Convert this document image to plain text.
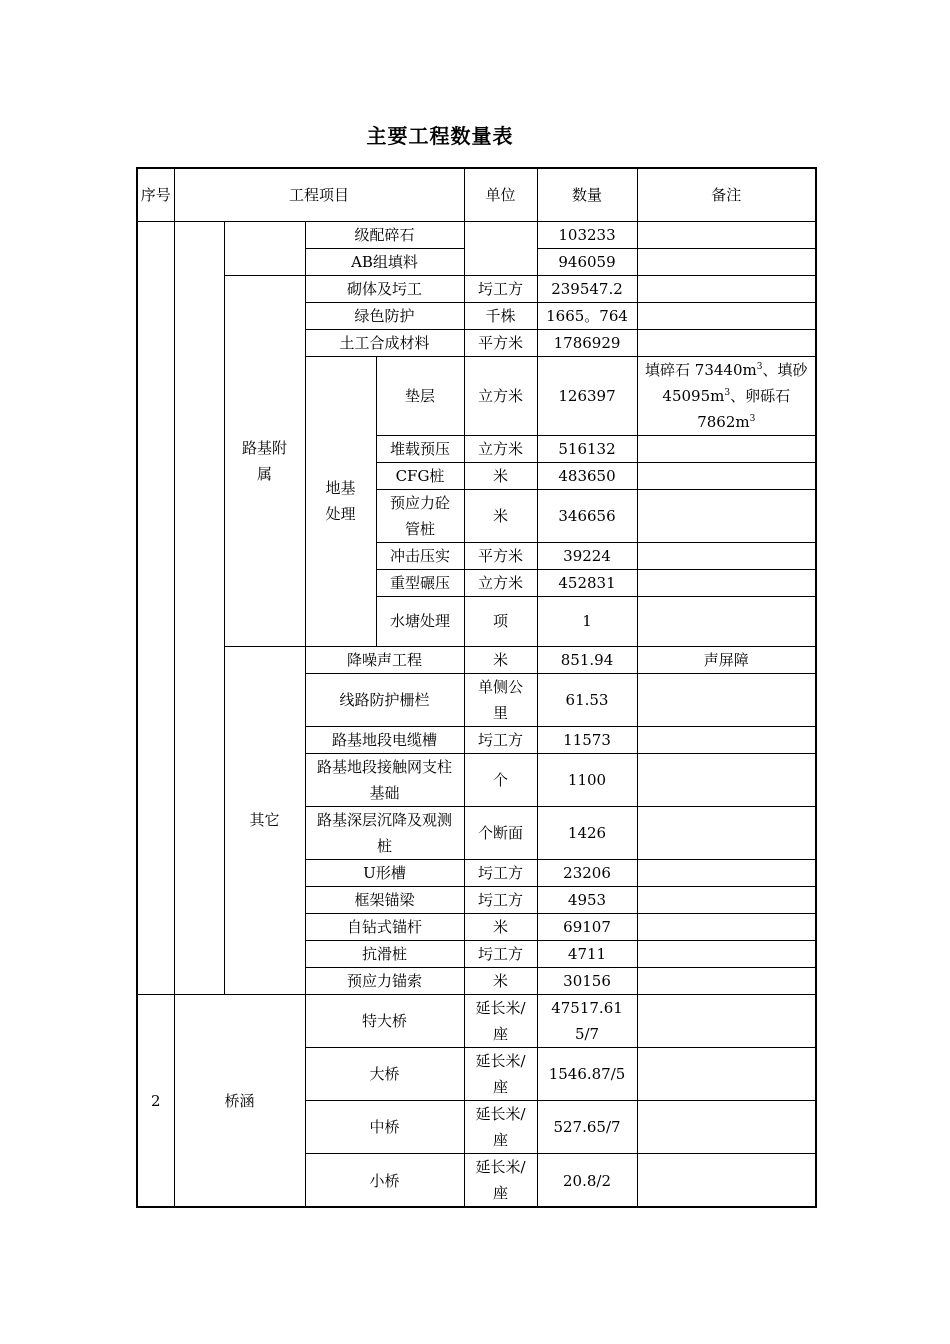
主要工程数量表
序号	工程项目				单位	数量	备注
			级配碎石			103233	
			AB组填料			946059	
		路基附属	砌体及圬工		圬工方	239547.2	
			绿色防护		千株	1665。764	
			土工合成材料		平方米	1786929	
			地基处理	垫层	立方米	126397	填碎石 $73440m^3$、填砂 $45095m^3$、卵砾石 $7862m^3$
				堆载预压	立方米	516132	
				CFG桩	米	483650	
				预应力砼管桩	米	346656	
				冲击压实	平方米	39224	
				重型碾压	立方米	452831	
				水塘处理	项	1	
		其它	降噪声工程		米	851.94	声屏障
			线路防护栅栏		单侧公里	61.53	
			路基地段电缆槽		圬工方	11573	
			路基地段接触网支柱基础		个	1100	
			路基深层沉降及观测桩		个断面	1426	
			U形槽		圬工方	23206	
			框架锚梁		圬工方	4953	
			自钻式锚杆		米	69107	
			抗滑桩		圬工方	4711	
			预应力锚索		米	30156	
2	桥涵		特大桥		延长米/座	47517.615/7	
			大桥		延长米/座	1546.87/5	
			中桥		延长米/座	527.65/7	
			小桥		延长米/座	20.8/2	
